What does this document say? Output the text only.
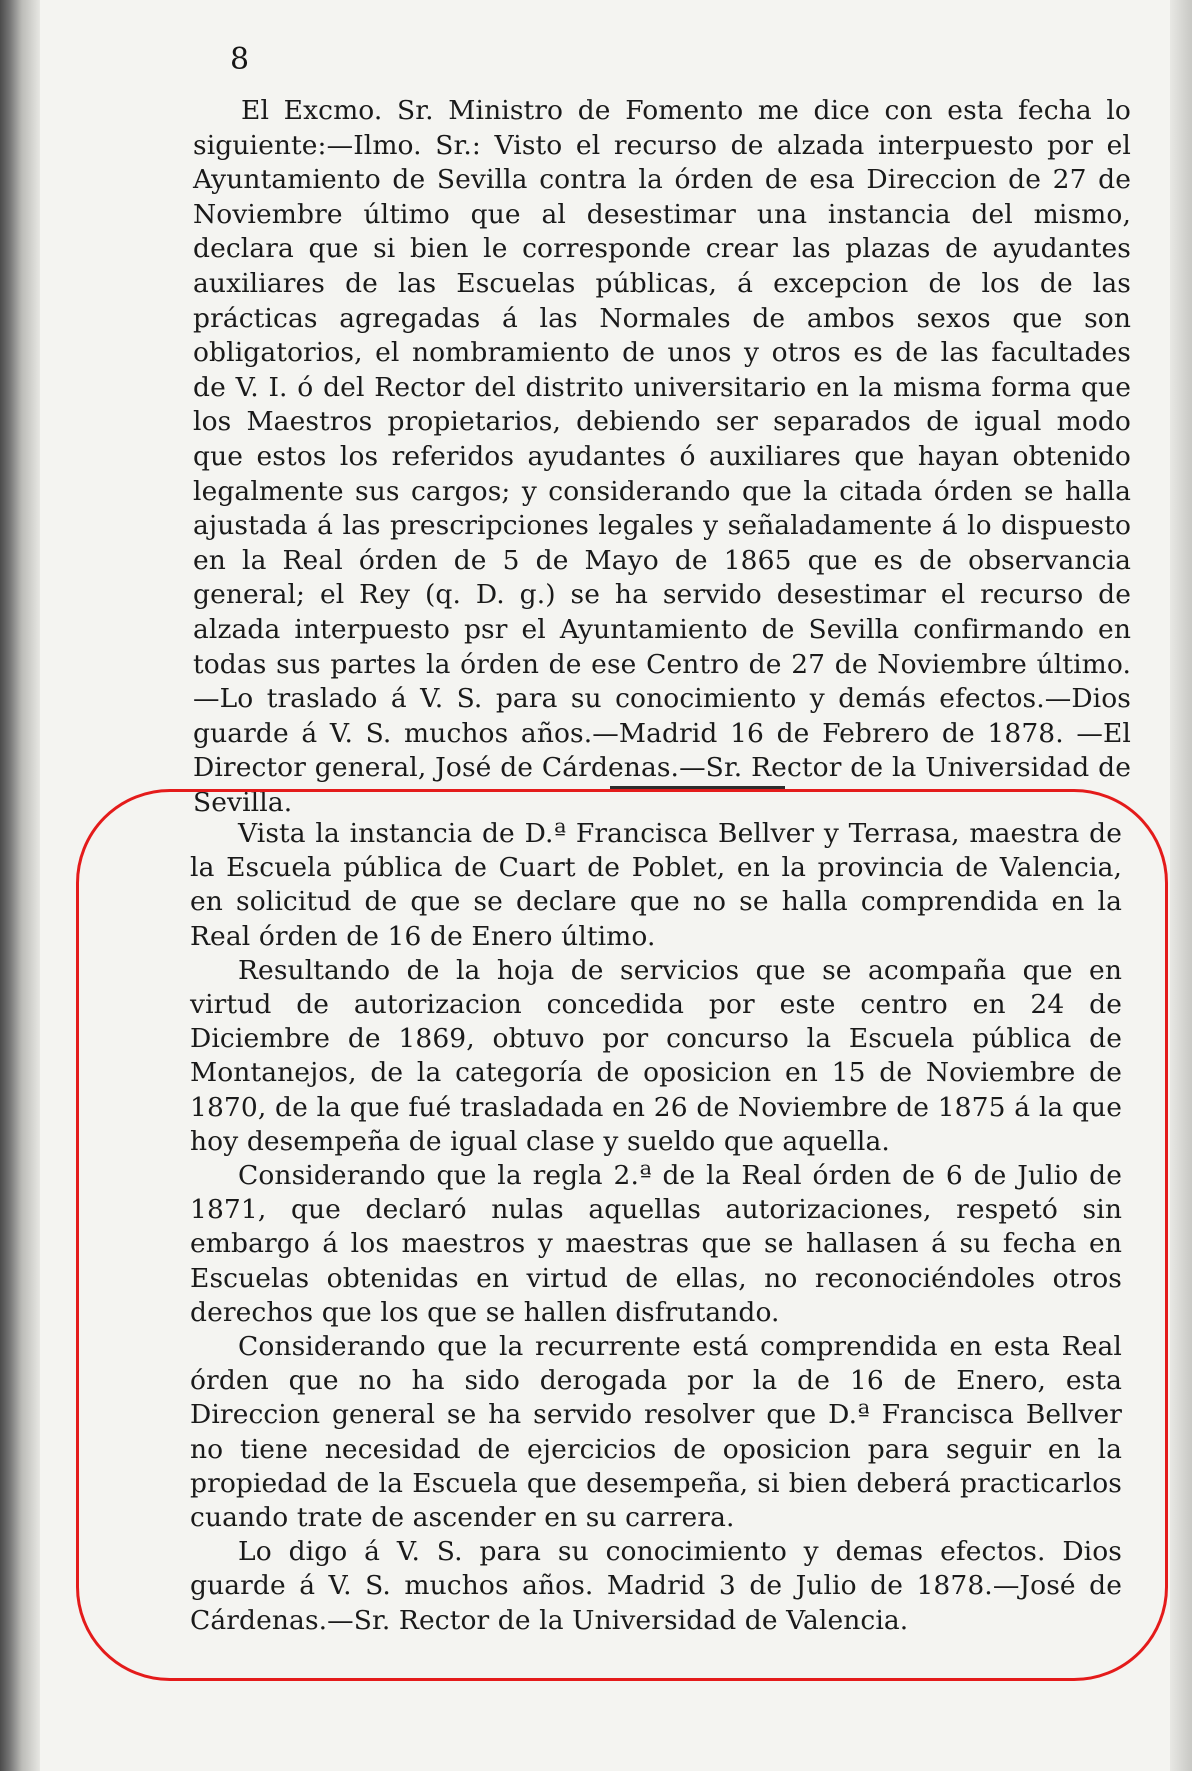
8

El Excmo. Sr. Ministro de Fomento me dice con esta fecha lo siguiente:—Ilmo. Sr.: Visto el recurso de alzada interpuesto por el Ayuntamiento de Sevilla contra la órden de esa Direccion de 27 de Noviembre último que al desestimar una instancia del mismo, declara que si bien le corresponde crear las plazas de ayudantes auxiliares de las Escuelas públicas, á excepcion de los de las prácticas agregadas á las Normales de ambos sexos que son obligatorios, el nombramiento de unos y otros es de las facultades de V. I. ó del Rector del distrito universitario en la misma forma que los Maestros propietarios, debiendo ser separados de igual modo que estos los referidos ayudantes ó auxiliares que hayan obtenido legalmente sus cargos; y considerando que la citada órden se halla ajustada á las prescripciones legales y señaladamente á lo dispuesto en la Real órden de 5 de Mayo de 1865 que es de observancia general; el Rey (q. D. g.) se ha servido desestimar el recurso de alzada interpuesto psr el Ayuntamiento de Sevilla confirmando en todas sus partes la órden de ese Centro de 27 de Noviembre último.—Lo traslado á V. S. para su conocimiento y demás efectos.—Dios guarde á V. S. muchos años.—Madrid 16 de Febrero de 1878. —El Director general, José de Cárdenas.—Sr. Rector de la Universidad de Sevilla.

Vista la instancia de D.ª Francisca Bellver y Terrasa, maestra de la Escuela pública de Cuart de Poblet, en la provincia de Valencia, en solicitud de que se declare que no se halla comprendida en la Real órden de 16 de Enero último.

Resultando de la hoja de servicios que se acompaña que en virtud de autorizacion concedida por este centro en 24 de Diciembre de 1869, obtuvo por concurso la Escuela pública de Montanejos, de la categoría de oposicion en 15 de Noviembre de 1870, de la que fué trasladada en 26 de Noviembre de 1875 á la que hoy desempeña de igual clase y sueldo que aquella.

Considerando que la regla 2.ª de la Real órden de 6 de Julio de 1871, que declaró nulas aquellas autorizaciones, respetó sin embargo á los maestros y maestras que se hallasen á su fecha en Escuelas obtenidas en virtud de ellas, no reconociéndoles otros derechos que los que se hallen disfrutando.

Considerando que la recurrente está comprendida en esta Real órden que no ha sido derogada por la de 16 de Enero, esta Direccion general se ha servido resolver que D.ª Francisca Bellver no tiene necesidad de ejercicios de oposicion para seguir en la propiedad de la Escuela que desempeña, si bien deberá practicarlos cuando trate de ascender en su carrera.

Lo digo á V. S. para su conocimiento y demas efectos. Dios guarde á V. S. muchos años. Madrid 3 de Julio de 1878.—José de Cárdenas.—Sr. Rector de la Universidad de Valencia.
